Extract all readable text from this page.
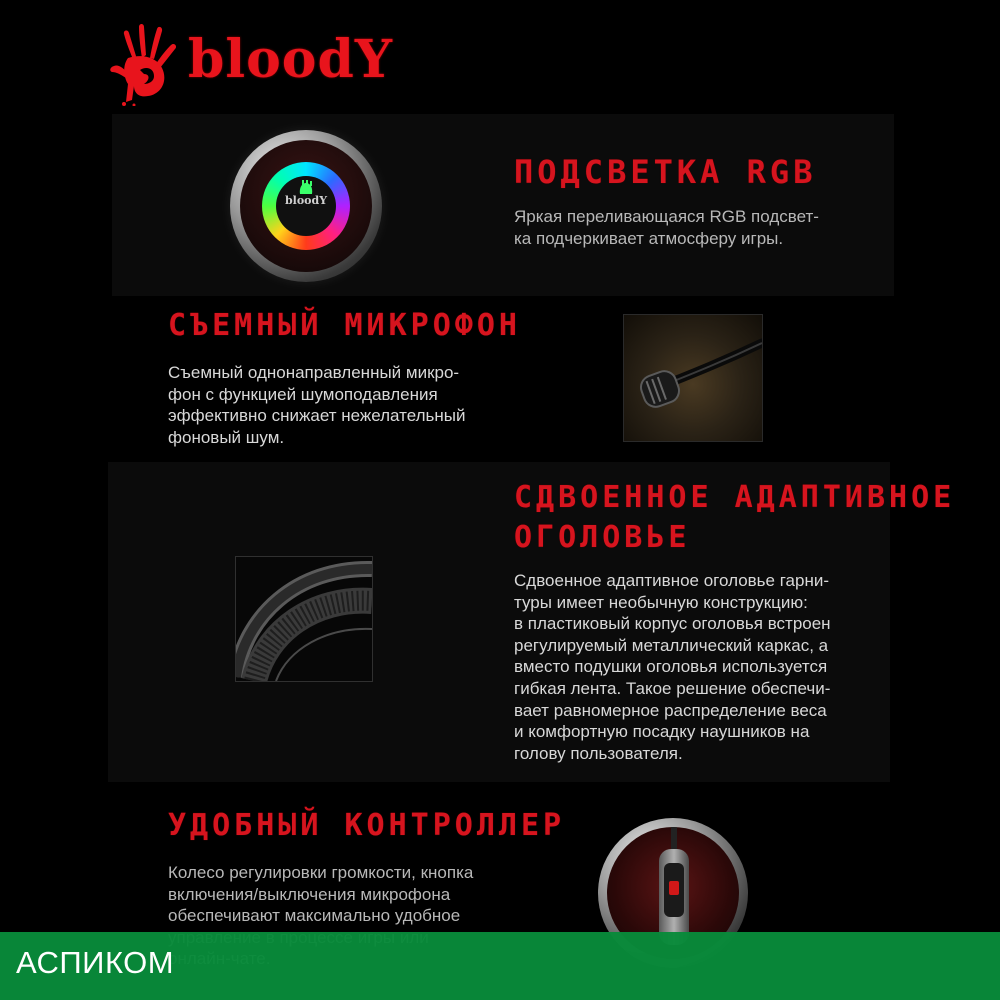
bloodY
bloodY
ПОДСВЕТКА RGB

Яркая переливающаяся RGB подсвет-
ка подчеркивает атмосферу игры.

СЪЕМНЫЙ МИКРОФОН

Съемный однонаправленный микро-
фон с функцией шумоподавления
эффективно снижает нежелательный
фоновый шум.

СДВОЕННОЕ АДАПТИВНОЕ
ОГОЛОВЬЕ

Сдвоенное адаптивное оголовье гарни-
туры имеет необычную конструкцию:
в пластиковый корпус оголовья встроен
регулируемый металлический каркас, а
вместо подушки оголовья используется
гибкая лента. Такое решение обеспечи-
вает равномерное распределение веса
и комфортную посадку наушников на
голову пользователя.

УДОБНЫЙ КОНТРОЛЛЕР

Колесо регулировки громкости, кнопка
включения/выключения микрофона
обеспечивают максимально удобное

АСПИКОМ
